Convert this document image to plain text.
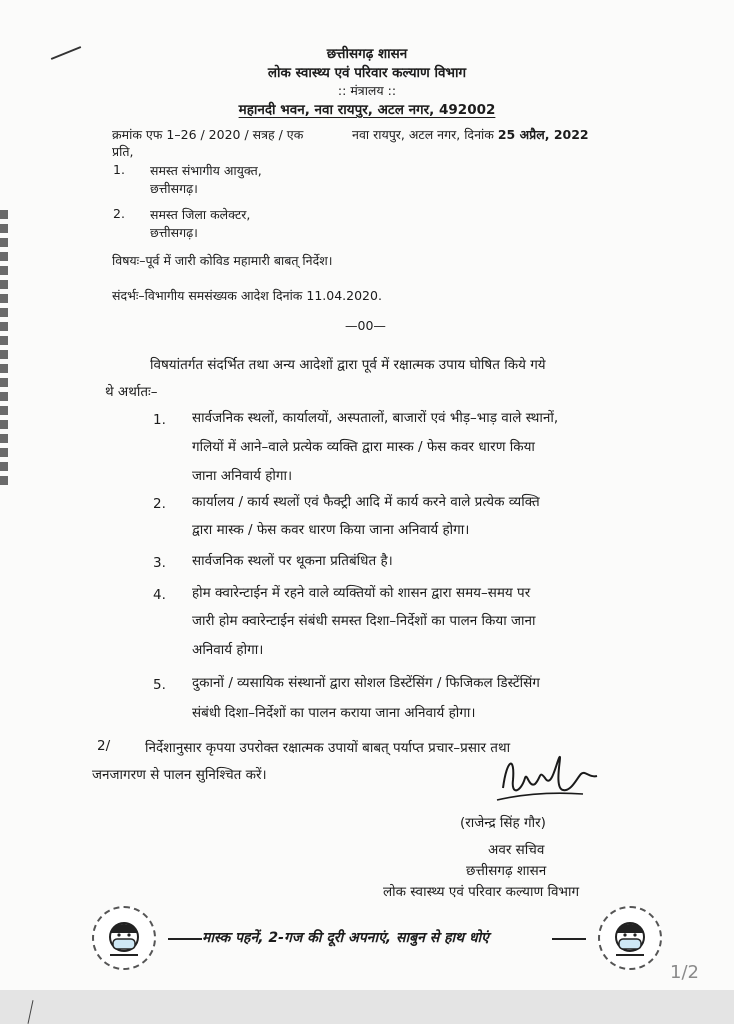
छत्तीसगढ़ शासन
लोक स्वास्थ्य एवं परिवार कल्याण विभाग
:: मंत्रालय ::
महानदी भवन, नवा रायपुर, अटल नगर, 492002
क्रमांक एफ 1–26 / 2020 / सत्रह / एक	नवा रायपुर, अटल नगर, दिनांक 25 अप्रैल, 2022
प्रति,
1. समस्त संभागीय आयुक्त,
छत्तीसगढ़।
2. समस्त जिला कलेक्टर,
छत्तीसगढ़।
विषयः–पूर्व में जारी कोविड महामारी बाबत् निर्देश।
संदर्भः–विभागीय समसंख्यक आदेश दिनांक 11.04.2020.
—00—
विषयांतर्गत संदर्भित तथा अन्य आदेशों द्वारा पूर्व में रक्षात्मक उपाय घोषित किये गये
थे अर्थातः–
1. सार्वजनिक स्थलों, कार्यालयों, अस्पतालों, बाजारों एवं भीड़–भाड़ वाले स्थानों,
गलियों में आने–वाले प्रत्येक व्यक्ति द्वारा मास्क / फेस कवर धारण किया
जाना अनिवार्य होगा।
2. कार्यालय / कार्य स्थलों एवं फैक्ट्री आदि में कार्य करने वाले प्रत्येक व्यक्ति
द्वारा मास्क / फेस कवर धारण किया जाना अनिवार्य होगा।
3. सार्वजनिक स्थलों पर थूकना प्रतिबंधित है।
4. होम क्वारेन्टाईन में रहने वाले व्यक्तियों को शासन द्वारा समय–समय पर
जारी होम क्वारेन्टाईन संबंधी समस्त दिशा–निर्देशों का पालन किया जाना
अनिवार्य होगा।
5. दुकानों / व्यसायिक संस्थानों द्वारा सोशल डिस्टेंसिंग / फिजिकल डिस्टेंसिंग
संबंधी दिशा–निर्देशों का पालन कराया जाना अनिवार्य होगा।
2/	निर्देशानुसार कृपया उपरोक्त रक्षात्मक उपायों बाबत् पर्याप्त प्रचार–प्रसार तथा
जनजागरण से पालन सुनिश्चित करें।
(राजेन्द्र सिंह गौर)
अवर सचिव
छत्तीसगढ़ शासन
लोक स्वास्थ्य एवं परिवार कल्याण विभाग
मास्क पहनें, 2-गज की दूरी अपनाएं, साबुन से हाथ धोएं
1/2
